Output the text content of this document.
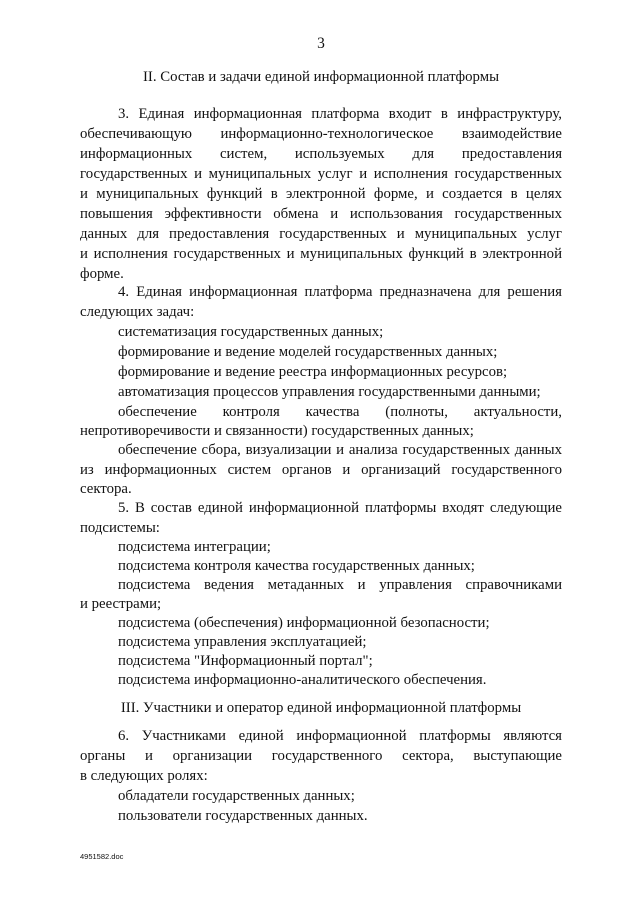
3
II. Состав и задачи единой информационной платформы
3. Единая информационная платформа входит в инфраструктуру,
обеспечивающую информационно-технологическое взаимодействие
информационных систем, используемых для предоставления
государственных и муниципальных услуг и исполнения государственных
и муниципальных функций в электронной форме, и создается в целях
повышения эффективности обмена и использования государственных
данных для предоставления государственных и муниципальных услуг
и исполнения государственных и муниципальных функций в электронной
форме.
4. Единая информационная платформа предназначена для решения
следующих задач:
систематизация государственных данных;
формирование и ведение моделей государственных данных;
формирование и ведение реестра информационных ресурсов;
автоматизация процессов управления государственными данными;
обеспечение контроля качества (полноты, актуальности,
непротиворечивости и связанности) государственных данных;
обеспечение сбора, визуализации и анализа государственных данных
из информационных систем органов и организаций государственного
сектора.
5. В состав единой информационной платформы входят следующие
подсистемы:
подсистема интеграции;
подсистема контроля качества государственных данных;
подсистема ведения метаданных и управления справочниками
и реестрами;
подсистема (обеспечения) информационной безопасности;
подсистема управления эксплуатацией;
подсистема "Информационный портал";
подсистема информационно-аналитического обеспечения.
III. Участники и оператор единой информационной платформы
6. Участниками единой информационной платформы являются
органы и организации государственного сектора, выступающие
в следующих ролях:
обладатели государственных данных;
пользователи государственных данных.
4951582.doc
